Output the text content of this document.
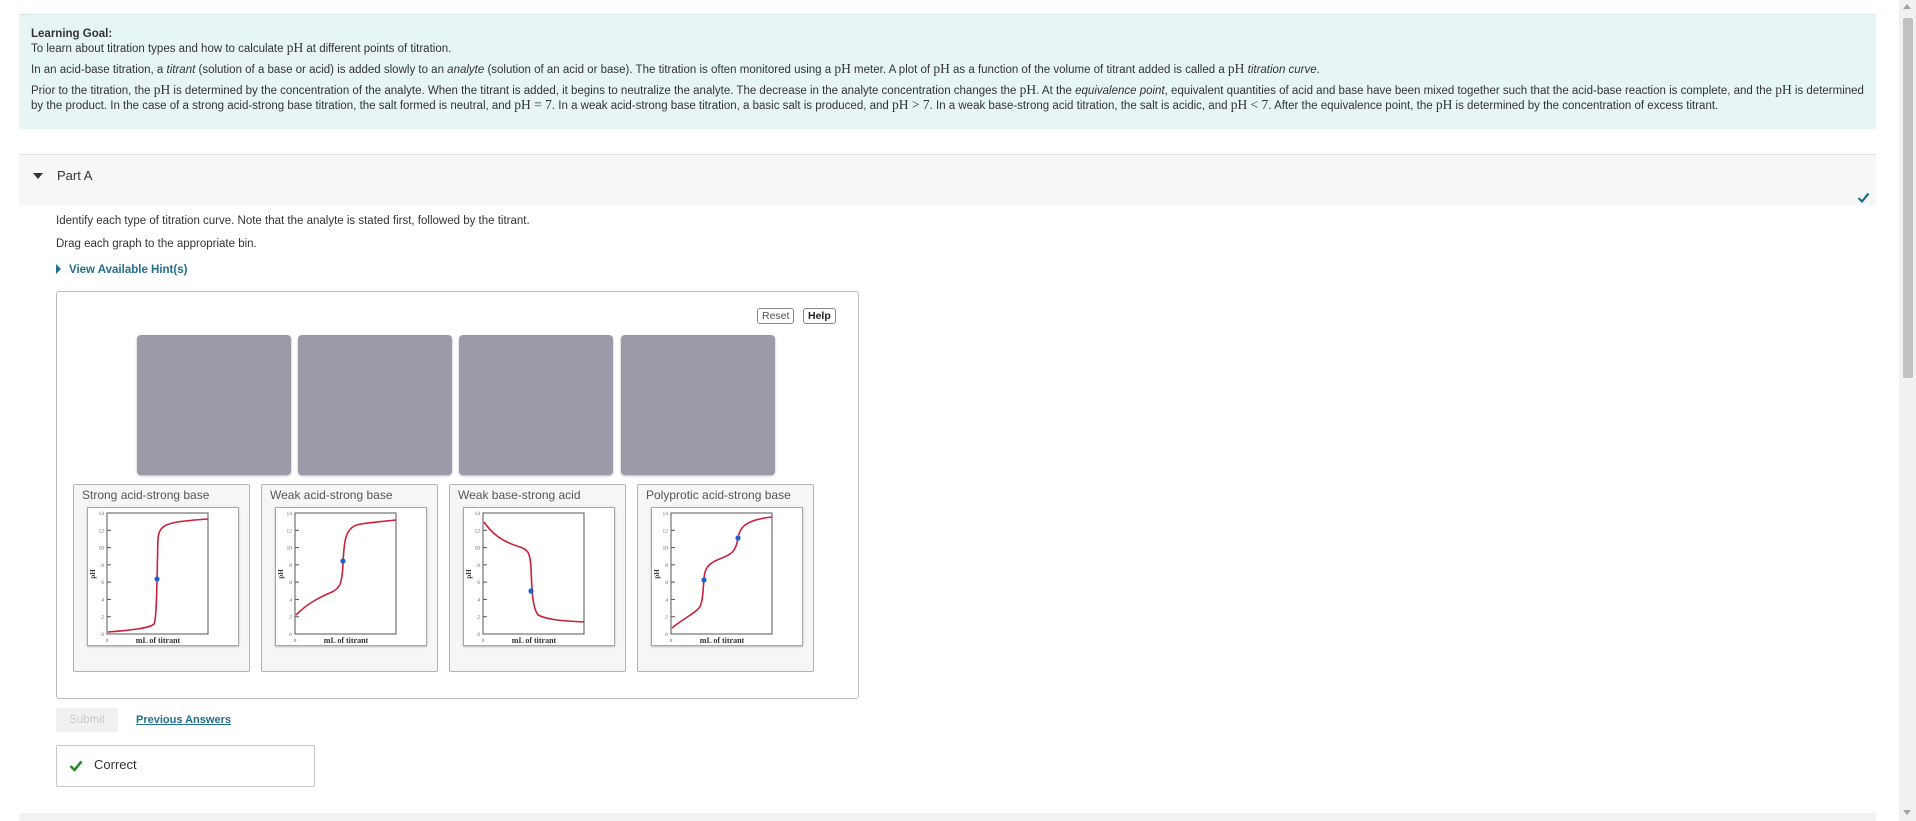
Learning Goal:

To learn about titration types and how to calculate pH at different points of titration.

In an acid-base titration, a titrant (solution of a base or acid) is added slowly to an analyte (solution of an acid or base). The titration is often monitored using a pH meter. A plot of pH as a function of the volume of titrant added is called a pH titration curve.

Prior to the titration, the pH is determined by the concentration of the analyte. When the titrant is added, it begins to neutralize the analyte. The decrease in the analyte concentration changes the pH. At the equivalence point, equivalent quantities of acid and base have been mixed together such that the acid-base reaction is complete, and the pH is determined by the product. In the case of a strong acid-strong base titration, the salt formed is neutral, and pH = 7. In a weak acid-strong base titration, a basic salt is produced, and pH > 7. In a weak base-strong acid titration, the salt is acidic, and pH < 7. After the equivalence point, the pH is determined by the concentration of excess titrant.

Part A
Identify each type of titration curve. Note that the analyte is stated first, followed by the titrant.
Drag each graph to the appropriate bin.
View Available Hint(s)
Reset	Help
Strong acid-strong base
14
12
10
8
6
4
2
0
0	mL of titrant
pH
Weak acid-strong base
14
12
10
8
6
4
2
0
0	mL of titrant
pH
Weak base-strong acid
14
12
10
8
6
4
2
0
0	mL of titrant
pH
Polyprotic acid-strong base
14
12
10
8
6
4
2
0
0	mL of titrant
pH
Submit	Previous Answers
Correct
